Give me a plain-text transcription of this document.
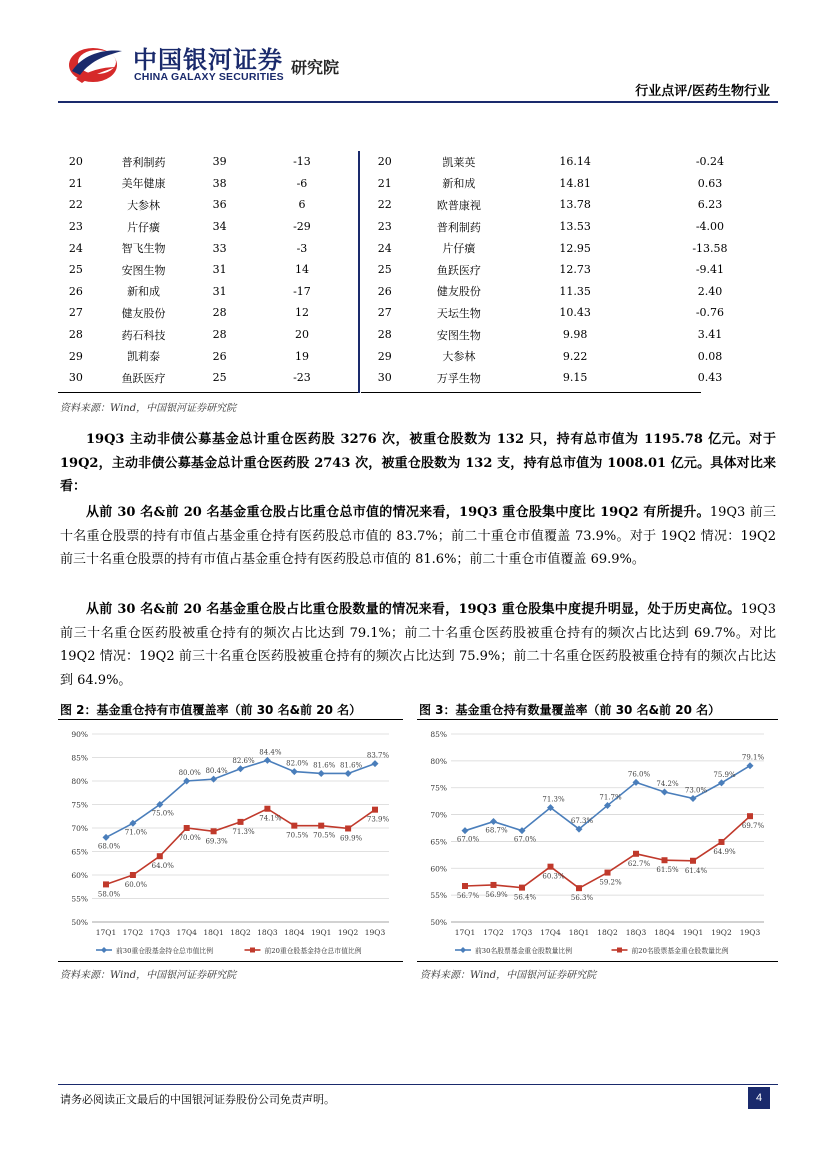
中国银河证券
CHINA GALAXY SECURITIES 研究院
行业点评/医药生物行业
20	普利制药	39	-13
21	美年健康	38	-6
22	大参林	36	6
23	片仔癀	34	-29
24	智飞生物	33	-3
25	安图生物	31	14
26	新和成	31	-17
27	健友股份	28	12
28	药石科技	28	20
29	凯莉泰	26	19
30	鱼跃医疗	25	-23
20	凯莱英	16.14	-0.24
21	新和成	14.81	0.63
22	欧普康视	13.78	6.23
23	普利制药	13.53	-4.00
24	片仔癀	12.95	-13.58
25	鱼跃医疗	12.73	-9.41
26	健友股份	11.35	2.40
27	天坛生物	10.43	-0.76
28	安图生物	9.98	3.41
29	大参林	9.22	0.08
30	万孚生物	9.15	0.43
资料来源：Wind，中国银河证券研究院

19Q3 主动非债公募基金总计重仓医药股 3276 次，被重仓股数为 132 只，持有总市值为 1195.78 亿元。对于 19Q2，主动非债公募基金总计重仓医药股 2743 次，被重仓股数为 132 支，持有总市值为 1008.01 亿元。具体对比来看：

从前 30 名&前 20 名基金重仓股占比重仓总市值的情况来看，19Q3 重仓股集中度比 19Q2 有所提升。19Q3 前三十名重仓股票的持有市值占基金重仓持有医药股总市值的 83.7%；前二十重仓市值覆盖 73.9%。对于 19Q2 情况：19Q2 前三十名重仓股票的持有市值占基金重仓持有医药股总市值的 81.6%；前二十重仓市值覆盖 69.9%。

从前 30 名&前 20 名基金重仓股占比重仓股数量的情况来看，19Q3 重仓股集中度提升明显，处于历史高位。19Q3 前三十名重仓医药股被重仓持有的频次占比达到 79.1%；前二十名重仓医药股被重仓持有的频次占比达到 69.7%。对比 19Q2 情况：19Q2 前三十名重仓医药股被重仓持有的频次占比达到 75.9%；前二十名重仓医药股被重仓持有的频次占比达到 64.9%。

图 2：基金重仓持有市值覆盖率（前 30 名&前 20 名）	图 3：基金重仓持有数量覆盖率（前 30 名&前 20 名）
50%
55%
60%
65%
70%
75%
80%
85%
90%
17Q1 17Q2 17Q3 17Q4 18Q1 18Q2 18Q3 18Q4 19Q1 19Q2 19Q3
68.0%
71.0%
75.0%
80.0% 80.4%
82.6%
84.4%
82.0% 81.6% 81.6%
83.7%
58.0%
60.0%
64.0%
70.0% 69.3%
71.3%
74.1%
70.5% 70.5% 69.9%
73.9%
前30重仓股基金持仓总市值比例	前20重仓股基金持仓总市值比例
50%
55%
60%
65%
70%
75%
80%
85%
17Q1 17Q2 17Q3 17Q4 18Q1 18Q2 18Q3 18Q4 19Q1 19Q2 19Q3
67.0%
68.7%
67.0%
71.3%
67.3%
71.7%
76.0%
74.2%
73.0%
75.9%
79.1%
56.7% 56.9% 56.4%
60.3%
56.3%
59.2%
62.7%
61.5% 61.4%
64.9%
69.7%
前30名股票基金重仓股数量比例	前20名股票基金重仓股数量比例
资料来源：Wind，中国银河证券研究院	资料来源：Wind，中国银河证券研究院
请务必阅读正文最后的中国银河证券股份公司免责声明。	4
